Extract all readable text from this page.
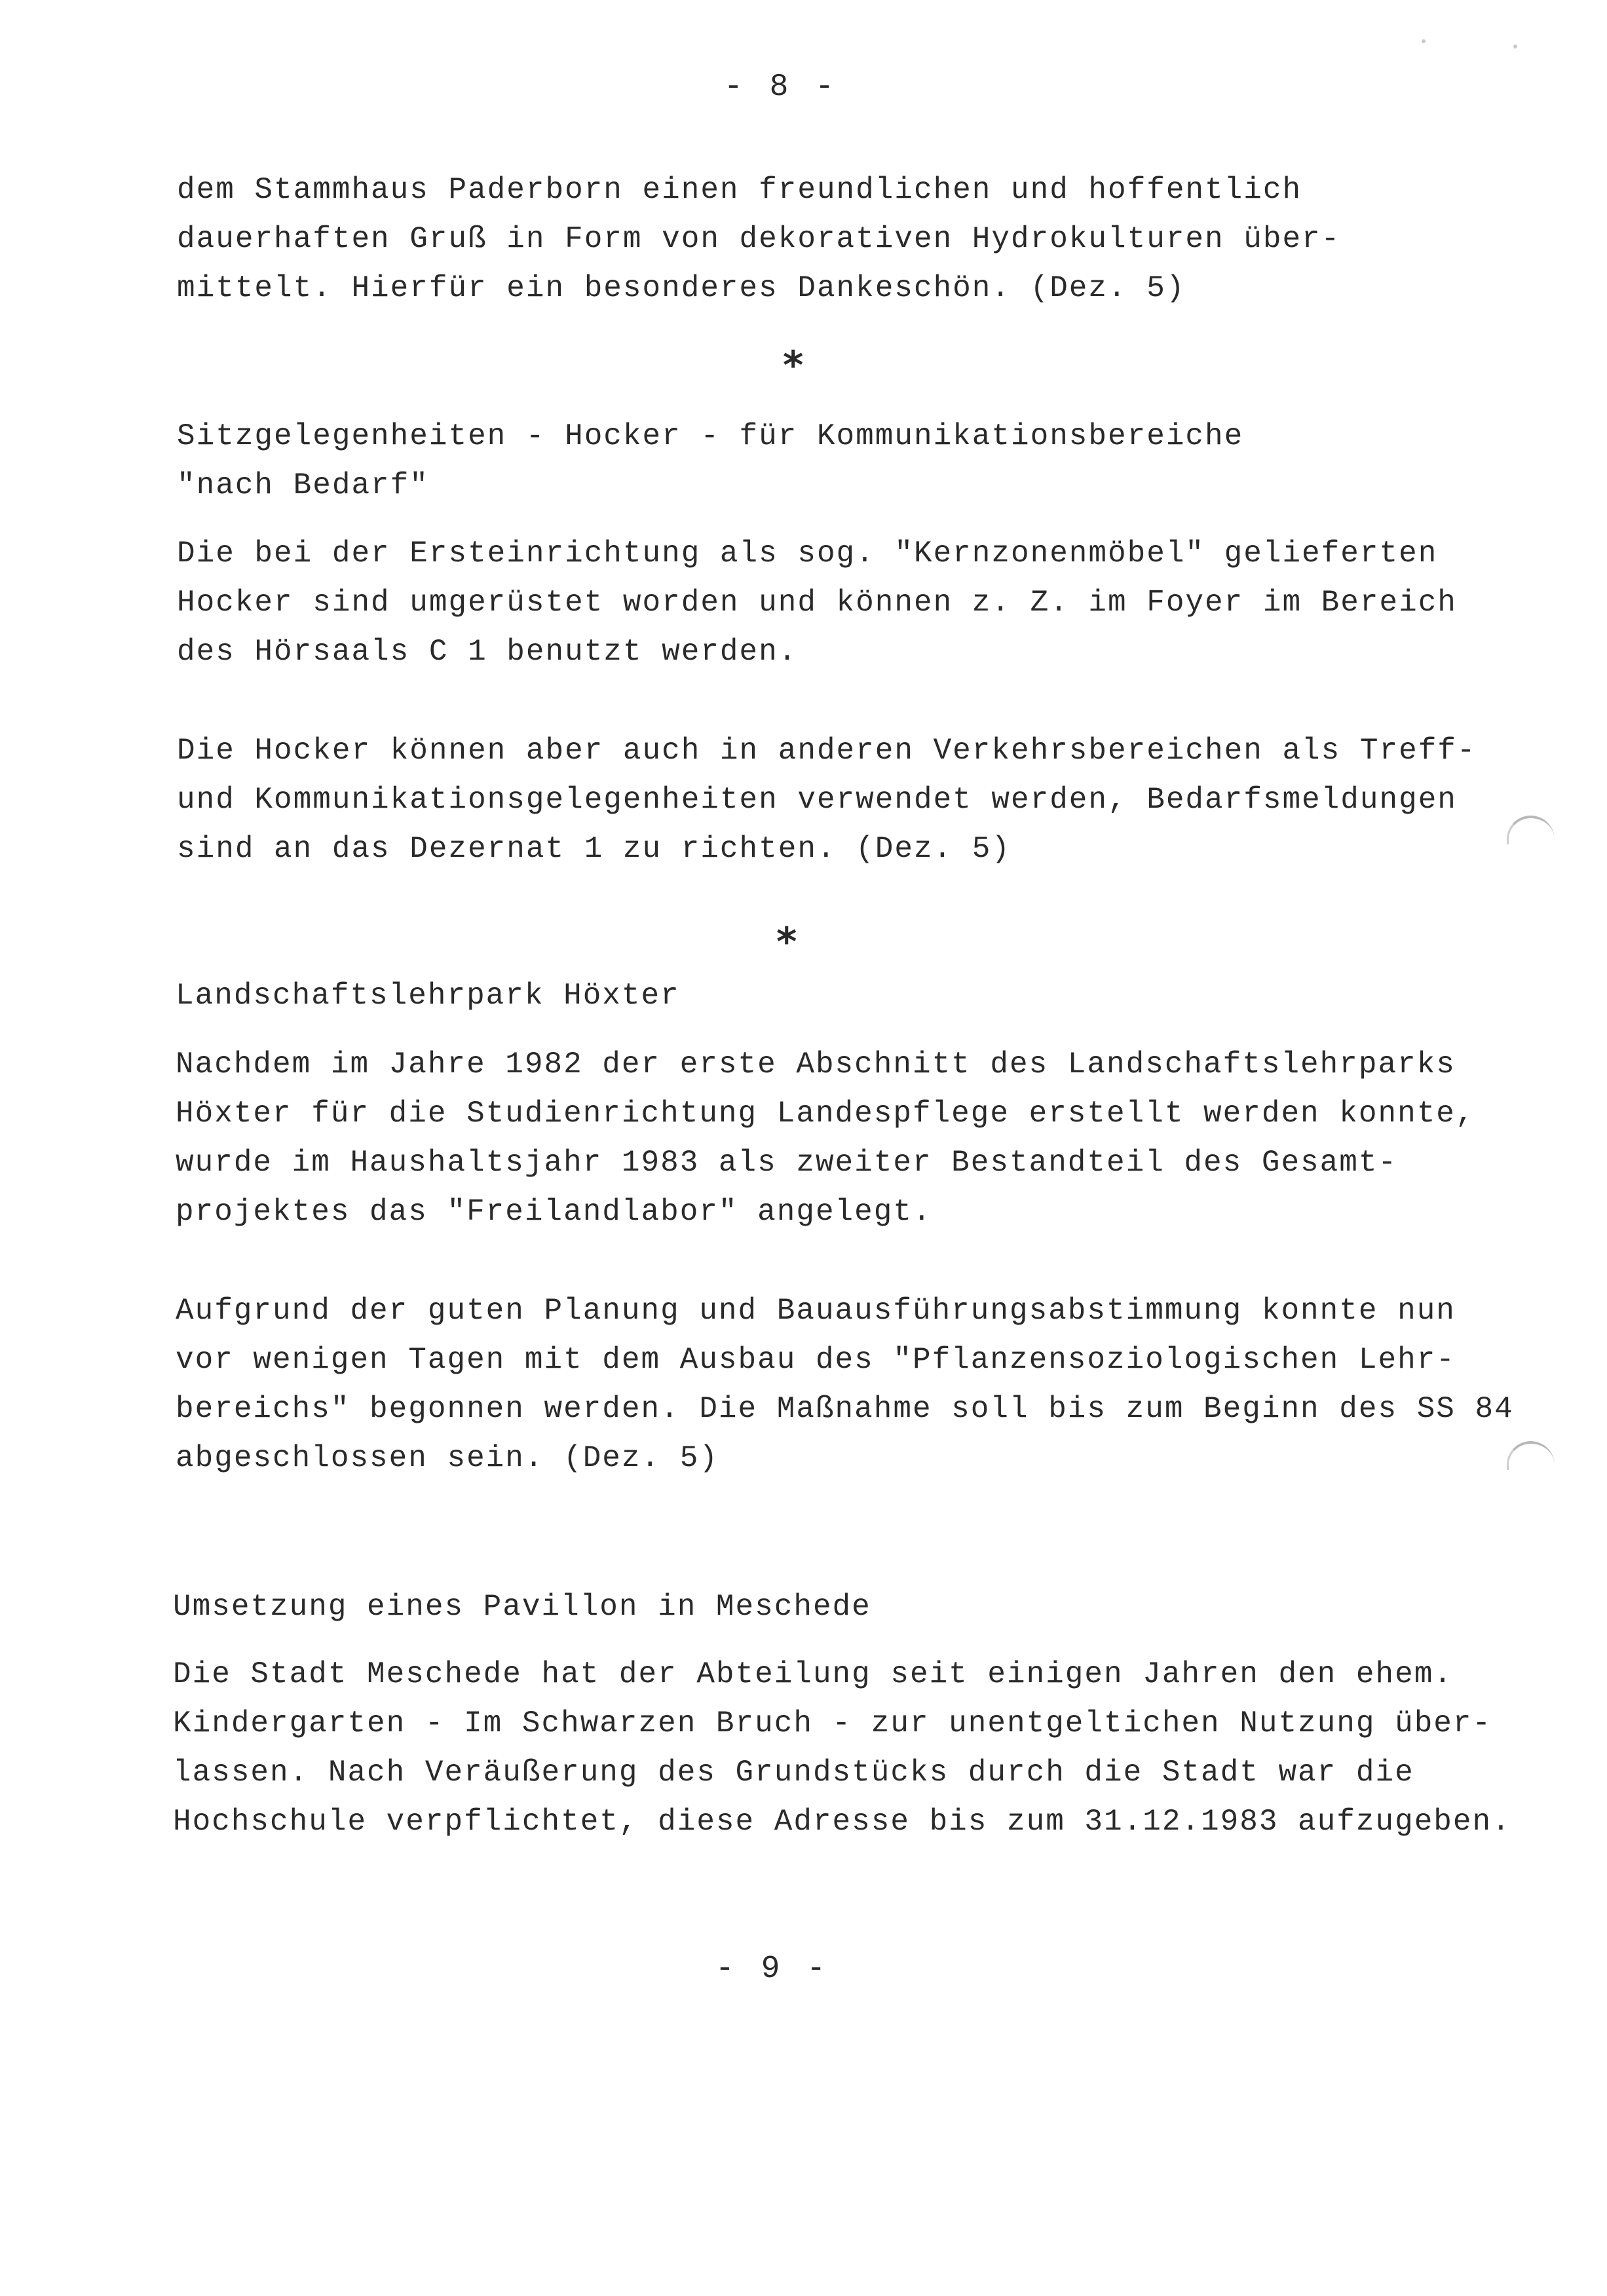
- 8 -
dem Stammhaus Paderborn einen freundlichen und hoffentlich
dauerhaften Gruß in Form von dekorativen Hydrokulturen über-
mittelt. Hierfür ein besonderes Dankeschön. (Dez. 5)
*
Sitzgelegenheiten - Hocker - für Kommunikationsbereiche
"nach Bedarf"
Die bei der Ersteinrichtung als sog. "Kernzonenmöbel" gelieferten
Hocker sind umgerüstet worden und können z. Z. im Foyer im Bereich
des Hörsaals C 1 benutzt werden.
Die Hocker können aber auch in anderen Verkehrsbereichen als Treff-
und Kommunikationsgelegenheiten verwendet werden, Bedarfsmeldungen
sind an das Dezernat 1 zu richten. (Dez. 5)
*
Landschaftslehrpark Höxter
Nachdem im Jahre 1982 der erste Abschnitt des Landschaftslehrparks
Höxter für die Studienrichtung Landespflege erstellt werden konnte,
wurde im Haushaltsjahr 1983 als zweiter Bestandteil des Gesamt-
projektes das "Freilandlabor" angelegt.
Aufgrund der guten Planung und Bauausführungsabstimmung konnte nun
vor wenigen Tagen mit dem Ausbau des "Pflanzensoziologischen Lehr-
bereichs" begonnen werden. Die Maßnahme soll bis zum Beginn des SS 84
abgeschlossen sein. (Dez. 5)
Umsetzung eines Pavillon in Meschede
Die Stadt Meschede hat der Abteilung seit einigen Jahren den ehem.
Kindergarten - Im Schwarzen Bruch - zur unentgeltichen Nutzung über-
lassen. Nach Veräußerung des Grundstücks durch die Stadt war die
Hochschule verpflichtet, diese Adresse bis zum 31.12.1983 aufzugeben.
- 9 -
